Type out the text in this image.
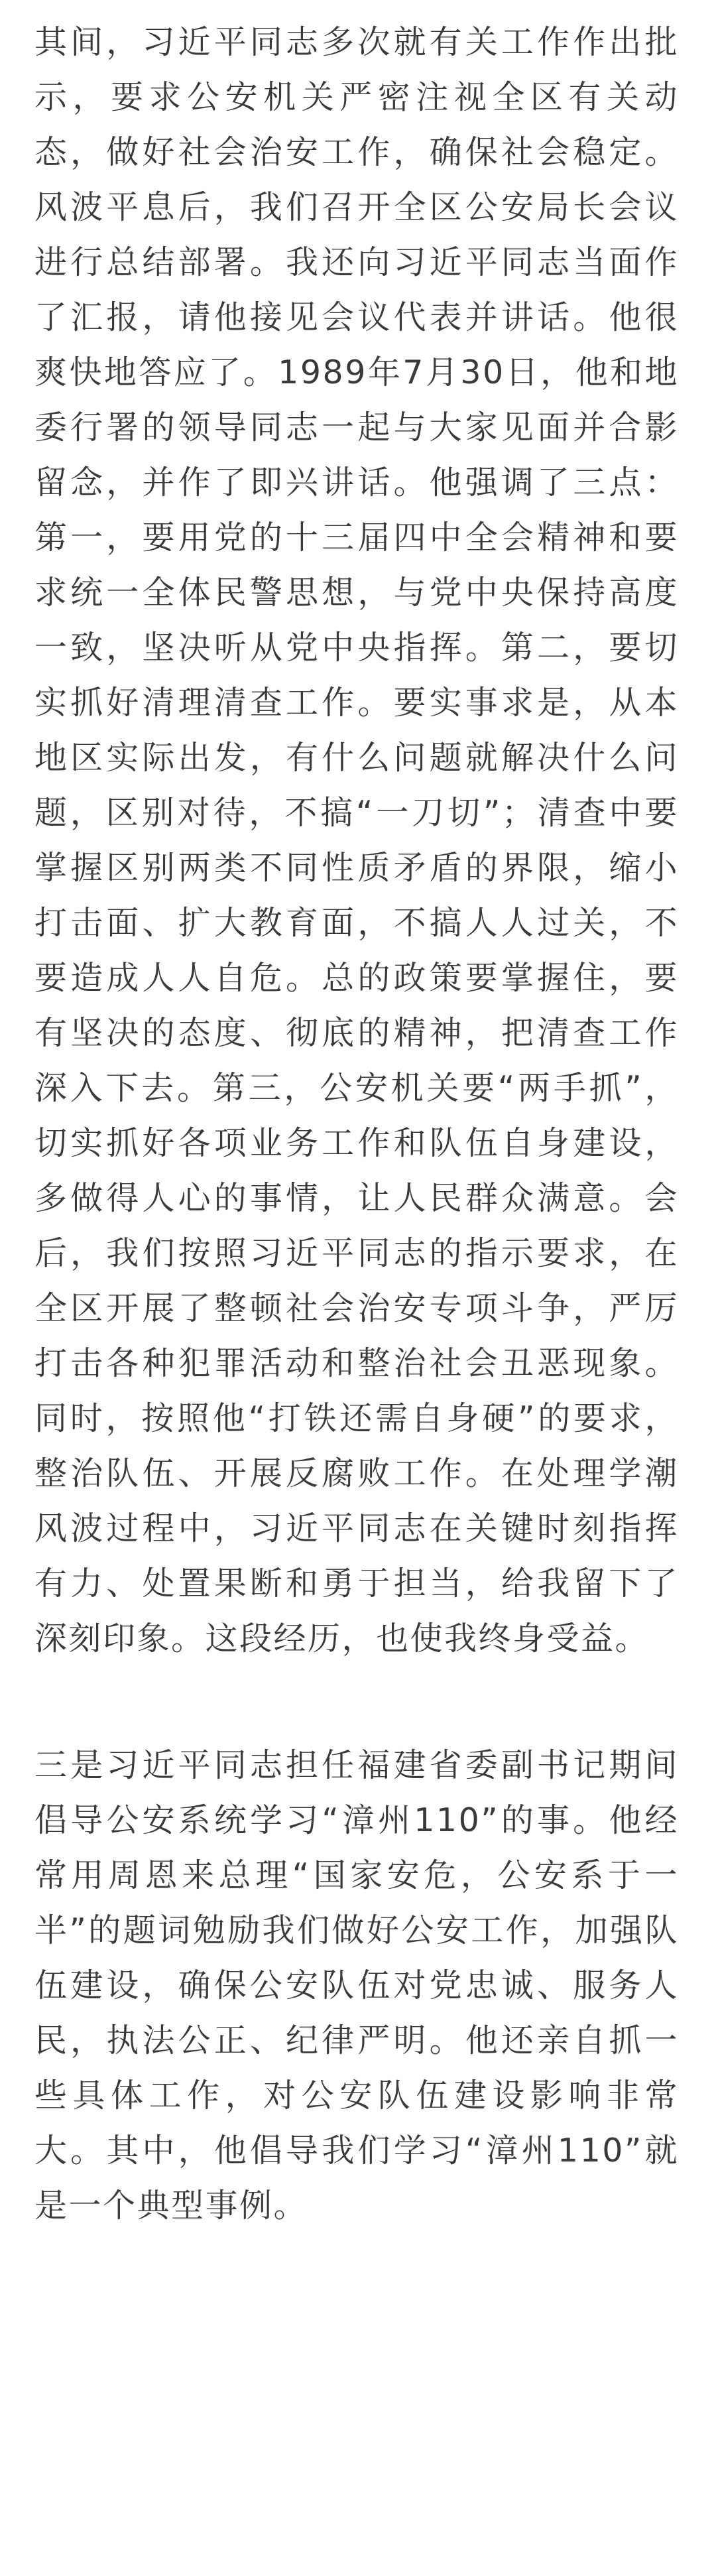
其间，习近平同志多次就有关工作作出批示，要求公安机关严密注视全区有关动态，做好社会治安工作，确保社会稳定。风波平息后，我们召开全区公安局长会议进行总结部署。我还向习近平同志当面作了汇报，请他接见会议代表并讲话。他很爽快地答应了。1989年7月30日，他和地委行署的领导同志一起与大家见面并合影留念，并作了即兴讲话。他强调了三点：第一，要用党的十三届四中全会精神和要求统一全体民警思想，与党中央保持高度一致，坚决听从党中央指挥。第二，要切实抓好清理清查工作。要实事求是，从本地区实际出发，有什么问题就解决什么问题，区别对待，不搞“一刀切”；清查中要掌握区别两类不同性质矛盾的界限，缩小打击面、扩大教育面，不搞人人过关，不要造成人人自危。总的政策要掌握住，要有坚决的态度、彻底的精神，把清查工作深入下去。第三，公安机关要“两手抓”，切实抓好各项业务工作和队伍自身建设，多做得人心的事情，让人民群众满意。会后，我们按照习近平同志的指示要求，在全区开展了整顿社会治安专项斗争，严厉打击各种犯罪活动和整治社会丑恶现象。同时，按照他“打铁还需自身硬”的要求，整治队伍、开展反腐败工作。在处理学潮风波过程中，习近平同志在关键时刻指挥有力、处置果断和勇于担当，给我留下了深刻印象。这段经历，也使我终身受益。

三是习近平同志担任福建省委副书记期间倡导公安系统学习“漳州110”的事。他经常用周恩来总理“国家安危，公安系于一半”的题词勉励我们做好公安工作，加强队伍建设，确保公安队伍对党忠诚、服务人民，执法公正、纪律严明。他还亲自抓一些具体工作，对公安队伍建设影响非常大。其中，他倡导我们学习“漳州110”就是一个典型事例。
